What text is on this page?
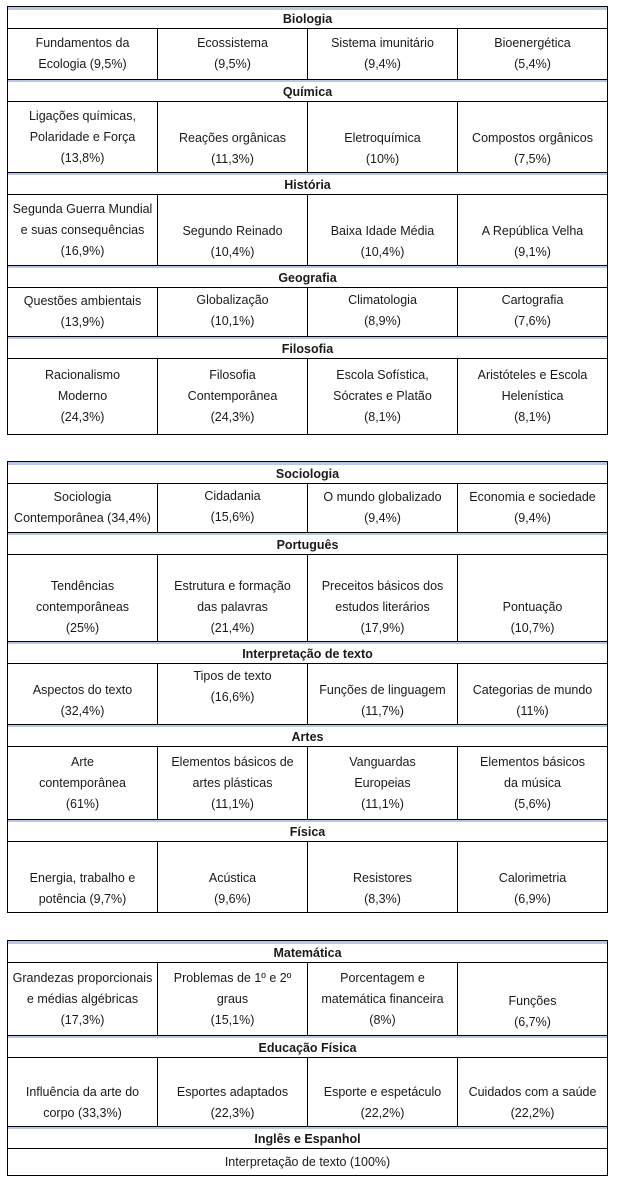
Biologia
Fundamentos da
Ecologia (9,5%)
Ecossistema
(9,5%)
Sistema imunitário
(9,4%)
Bioenergética
(5,4%)
Química
Ligações químicas,
Polaridade e Força
(13,8%)
Reações orgânicas
(11,3%)
Eletroquímica
(10%)
Compostos orgânicos
(7,5%)
História
Segunda Guerra Mundial
e suas consequências
(16,9%)
Segundo Reinado
(10,4%)
Baixa Idade Média
(10,4%)
A República Velha
(9,1%)
Geografia
Questões ambientais
(13,9%)
Globalização
(10,1%)
Climatologia
(8,9%)
Cartografia
(7,6%)
Filosofia
Racionalismo
Moderno
(24,3%)
Filosofia
Contemporânea
(24,3%)
Escola Sofística,
Sócrates e Platão
(8,1%)
Aristóteles e Escola
Helenística
(8,1%)
Sociologia
Sociologia
Contemporânea (34,4%)
Cidadania
(15,6%)
O mundo globalizado
(9,4%)
Economia e sociedade
(9,4%)
Português
Tendências
contemporâneas
(25%)
Estrutura e formação
das palavras
(21,4%)
Preceitos básicos dos
estudos literários
(17,9%)
Pontuação
(10,7%)
Interpretação de texto
Aspectos do texto
(32,4%)
Tipos de texto
(16,6%)	Funções de linguagem
(11,7%)
Categorias de mundo
(11%)
Artes
Arte
contemporânea
(61%)
Elementos básicos de
artes plásticas
(11,1%)
Vanguardas
Europeias
(11,1%)
Elementos básicos
da música
(5,6%)
Física
Energia, trabalho e
potência (9,7%)
Acústica
(9,6%)
Resistores
(8,3%)
Calorimetria
(6,9%)
Matemática
Grandezas proporcionais
e médias algébricas
(17,3%)
Problemas de 1º e 2º
graus
(15,1%)
Porcentagem e
matemática financeira
(8%)
Funções
(6,7%)
Educação Física
Influência da arte do
corpo (33,3%)
Esportes adaptados
(22,3%)
Esporte e espetáculo
(22,2%)
Cuidados com a saúde
(22,2%)
Inglês e Espanhol
Interpretação de texto (100%)
